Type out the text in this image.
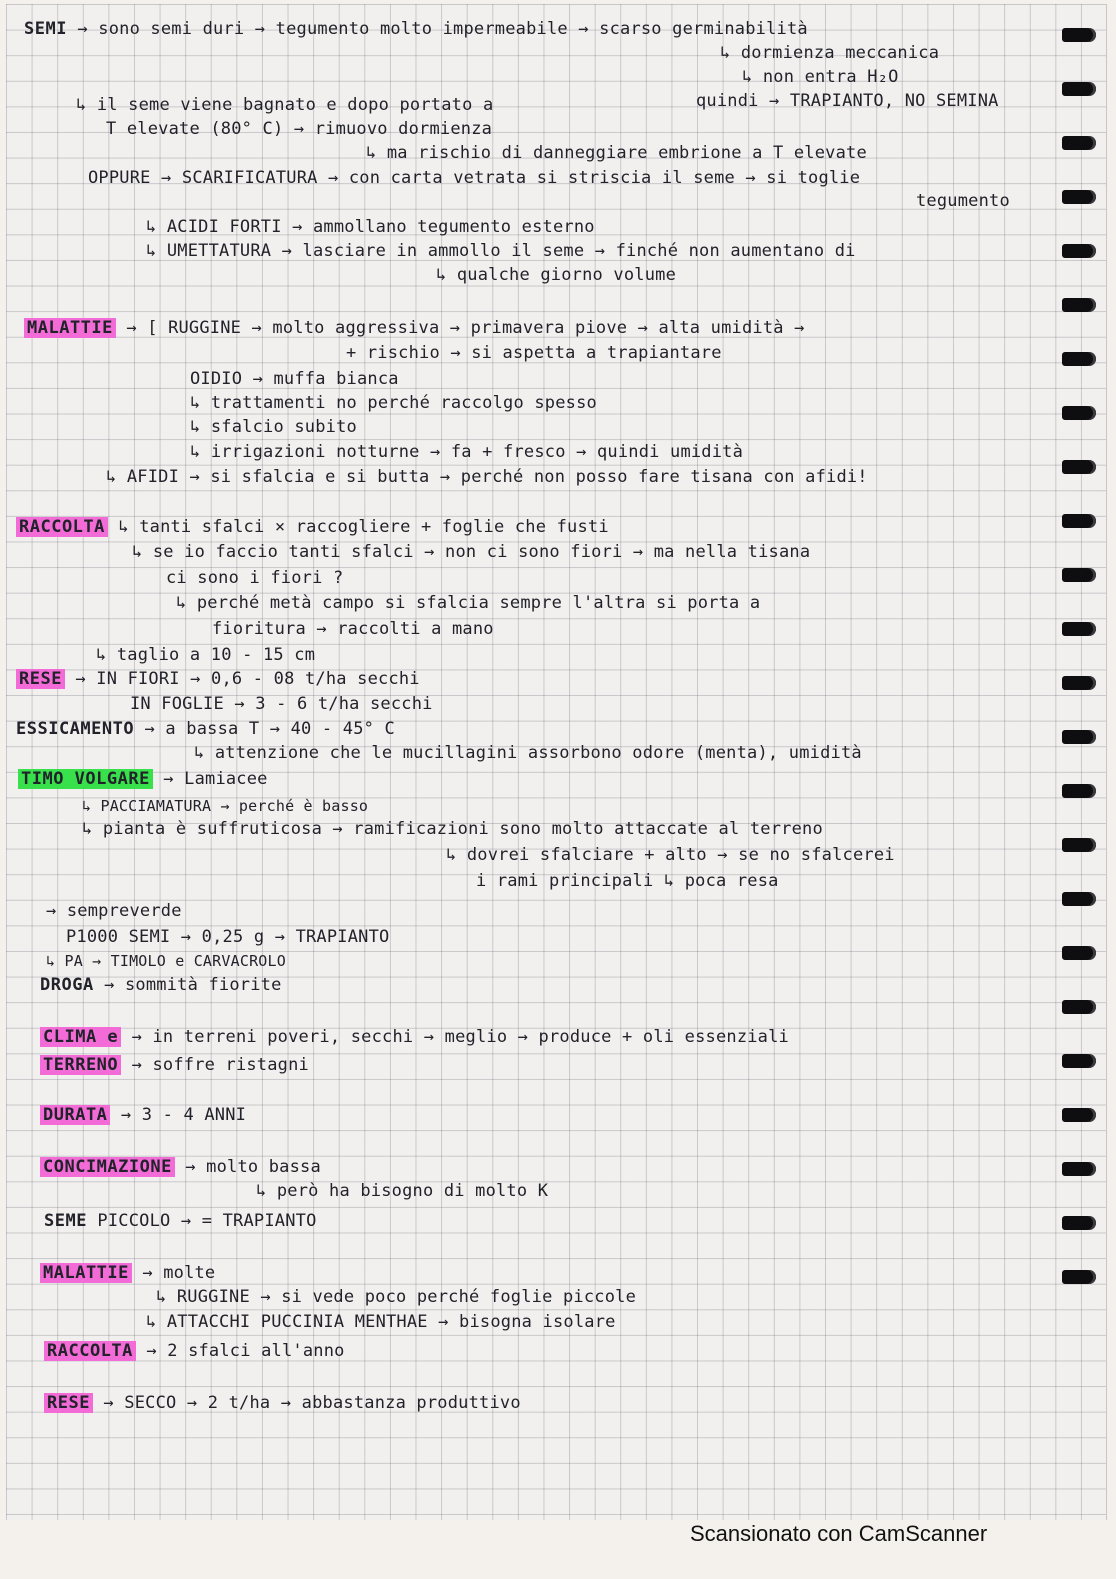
SEMI → sono semi duri → tegumento molto impermeabile → scarso germinabilità
↳ dormienza meccanica
↳ non entra H₂O
↳ il seme viene bagnato e dopo portato a	quindi → TRAPIANTO, NO SEMINA
T elevate (80° C) → rimuovo dormienza
↳ ma rischio di danneggiare embrione a T elevate
OPPURE → SCARIFICATURA → con carta vetrata si striscia il seme → si toglie
tegumento
↳ ACIDI FORTI → ammollano tegumento esterno
↳ UMETTATURA → lasciare in ammollo il seme → finché non aumentano di
↳ qualche giorno volume
MALATTIE → [ RUGGINE → molto aggressiva → primavera piove → alta umidità →
+ rischio → si aspetta a trapiantare
OIDIO → muffa bianca
↳ trattamenti no perché raccolgo spesso
↳ sfalcio subito
↳ irrigazioni notturne → fa + fresco → quindi umidità
↳ AFIDI → si sfalcia e si butta → perché non posso fare tisana con afidi!
RACCOLTA ↳ tanti sfalci × raccogliere + foglie che fusti
↳ se io faccio tanti sfalci → non ci sono fiori → ma nella tisana
ci sono i fiori ?
↳ perché metà campo si sfalcia sempre l'altra si porta a
fioritura → raccolti a mano
↳ taglio a 10 - 15 cm
RESE → IN FIORI → 0,6 - 08 t/ha secchi
IN FOGLIE → 3 - 6 t/ha secchi
ESSICAMENTO → a bassa T → 40 - 45° C
↳ attenzione che le mucillagini assorbono odore (menta), umidità
TIMO VOLGARE → Lamiacee
↳ PACCIAMATURA → perché è basso
↳ pianta è suffruticosa → ramificazioni sono molto attaccate al terreno
↳ dovrei sfalciare + alto → se no sfalcerei
i rami principali ↳ poca resa
→ sempreverde
P1000 SEMI → 0,25 g → TRAPIANTO
↳ PA → TIMOLO e CARVACROLO
DROGA → sommità fiorite
CLIMA e → in terreni poveri, secchi → meglio → produce + oli essenziali
TERRENO → soffre ristagni
DURATA → 3 - 4 ANNI
CONCIMAZIONE → molto bassa
↳ però ha bisogno di molto K
SEME PICCOLO → = TRAPIANTO
MALATTIE → molte
↳ RUGGINE → si vede poco perché foglie piccole
↳ ATTACCHI PUCCINIA MENTHAE → bisogna isolare
RACCOLTA → 2 sfalci all'anno
RESE → SECCO → 2 t/ha → abbastanza produttivo
Scansionato con CamScanner
